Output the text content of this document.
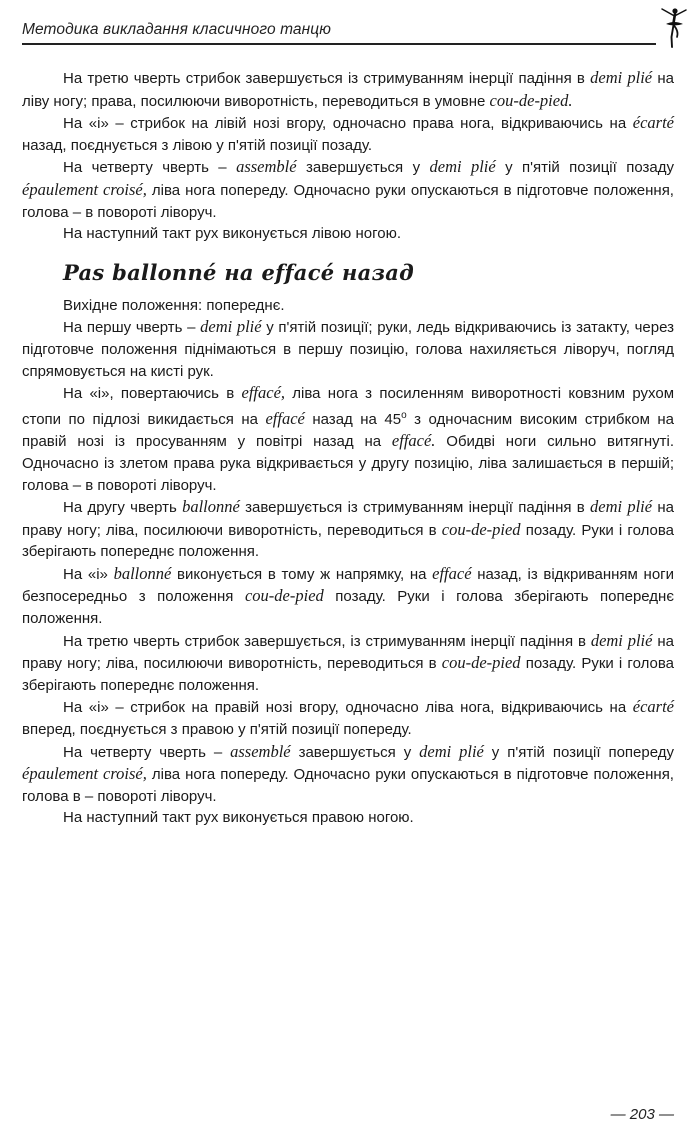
Методика викладання класичного танцю

На третю чверть стрибок завершується із стримуванням інерції падіння в demi plié на ліву ногу; права, посилюючи виворотність, переводиться в умовне cou-de-pied.

На «і» – стрибок на лівій нозі вгору, одночасно права нога, відкриваючись на écarté назад, поєднується з лівою у п'ятій позиції позаду.

На четверту чверть – assemblé завершується у demi plié у п'ятій позиції позаду épaulement croisé, ліва нога попереду. Одночасно руки опускаються в підготовче положення, голова – в повороті ліворуч.

На наступний такт рух виконується лівою ногою.

Pas ballonné на effacé назад

Вихідне положення: попереднє.

На першу чверть – demi plié у п'ятій позиції; руки, ледь відкриваючись із затакту, через підготовче положення піднімаються в першу позицію, голова нахиляється ліворуч, погляд спрямовується на кисті рук.

На «і», повертаючись в effacé, ліва нога з посиленням виворотності ковзним рухом стопи по підлозі викидається на effacé назад на $45^о$ з одночасним високим стрибком на правій нозі із просуванням у повітрі назад на effacé. Обидві ноги сильно витягнуті. Одночасно із злетом права рука відкривається у другу позицію, ліва залишається в першій; голова – в повороті ліворуч.

На другу чверть ballonné завершується із стримуванням інерції падіння в demi plié на праву ногу; ліва, посилюючи виворотність, переводиться в cou-de-pied позаду. Руки і голова зберігають попереднє положення.

На «і» ballonné виконується в тому ж напрямку, на effacé назад, із відкриванням ноги безпосередньо з положення cou-de-pied позаду. Руки і голова зберігають попереднє положення.

На третю чверть стрибок завершується, із стримуванням інерції падіння в demi plié на праву ногу; ліва, посилюючи виворотність, переводиться в cou-de-pied позаду. Руки і голова зберігають попереднє положення.

На «і» – стрибок на правій нозі вгору, одночасно ліва нога, відкриваючись на écarté вперед, поєднується з правою у п'ятій позиції попереду.

На четверту чверть – assemblé завершується у demi plié у п'ятій позиції попереду épaulement croisé, ліва нога попереду. Одночасно руки опускаються в підготовче положення, голова в – повороті ліворуч.

На наступний такт рух виконується правою ногою.

— 203 —
